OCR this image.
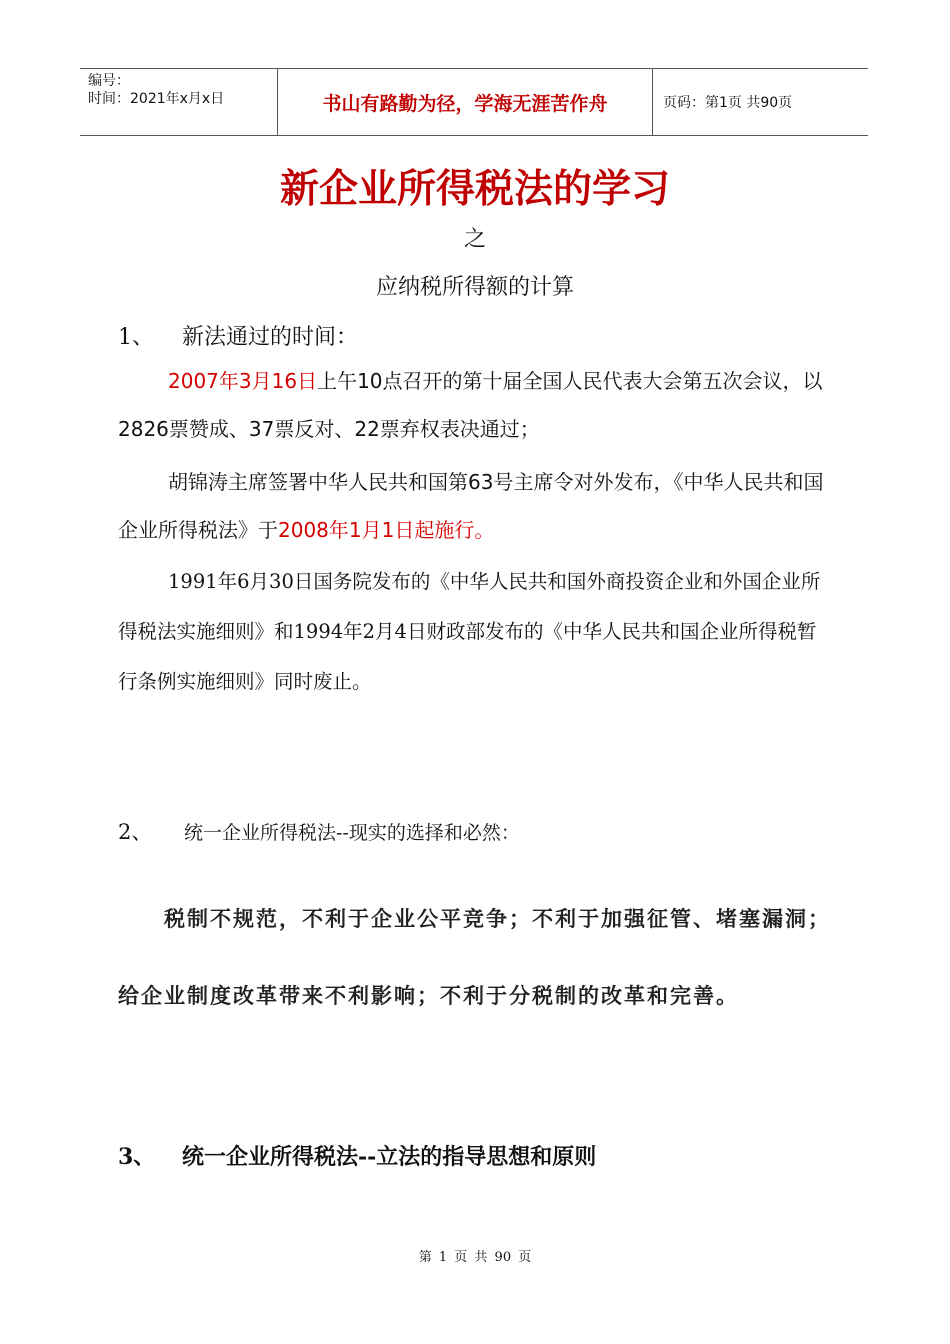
编号：
时间：2021年x月x日	书山有路勤为径，学海无涯苦作舟	页码：第1页 共90页
新企业所得税法的学习
之
应纳税所得额的计算
1、 新法通过的时间：

2007年3月16日上午10点召开的第十届全国人民代表大会第五次会议，以2826票赞成、37票反对、22票弃权表决通过；

胡锦涛主席签署中华人民共和国第63号主席令对外发布，《中华人民共和国企业所得税法》于2008年1月1日起施行。

1991年6月30日国务院发布的《中华人民共和国外商投资企业和外国企业所得税法实施细则》和1994年2月4日财政部发布的《中华人民共和国企业所得税暂行条例实施细则》同时废止。

2、 统一企业所得税法--现实的选择和必然：

税制不规范，不利于企业公平竞争；不利于加强征管、堵塞漏洞；给企业制度改革带来不利影响；不利于分税制的改革和完善。

3、 统一企业所得税法--立法的指导思想和原则
第 1 页 共 90 页
